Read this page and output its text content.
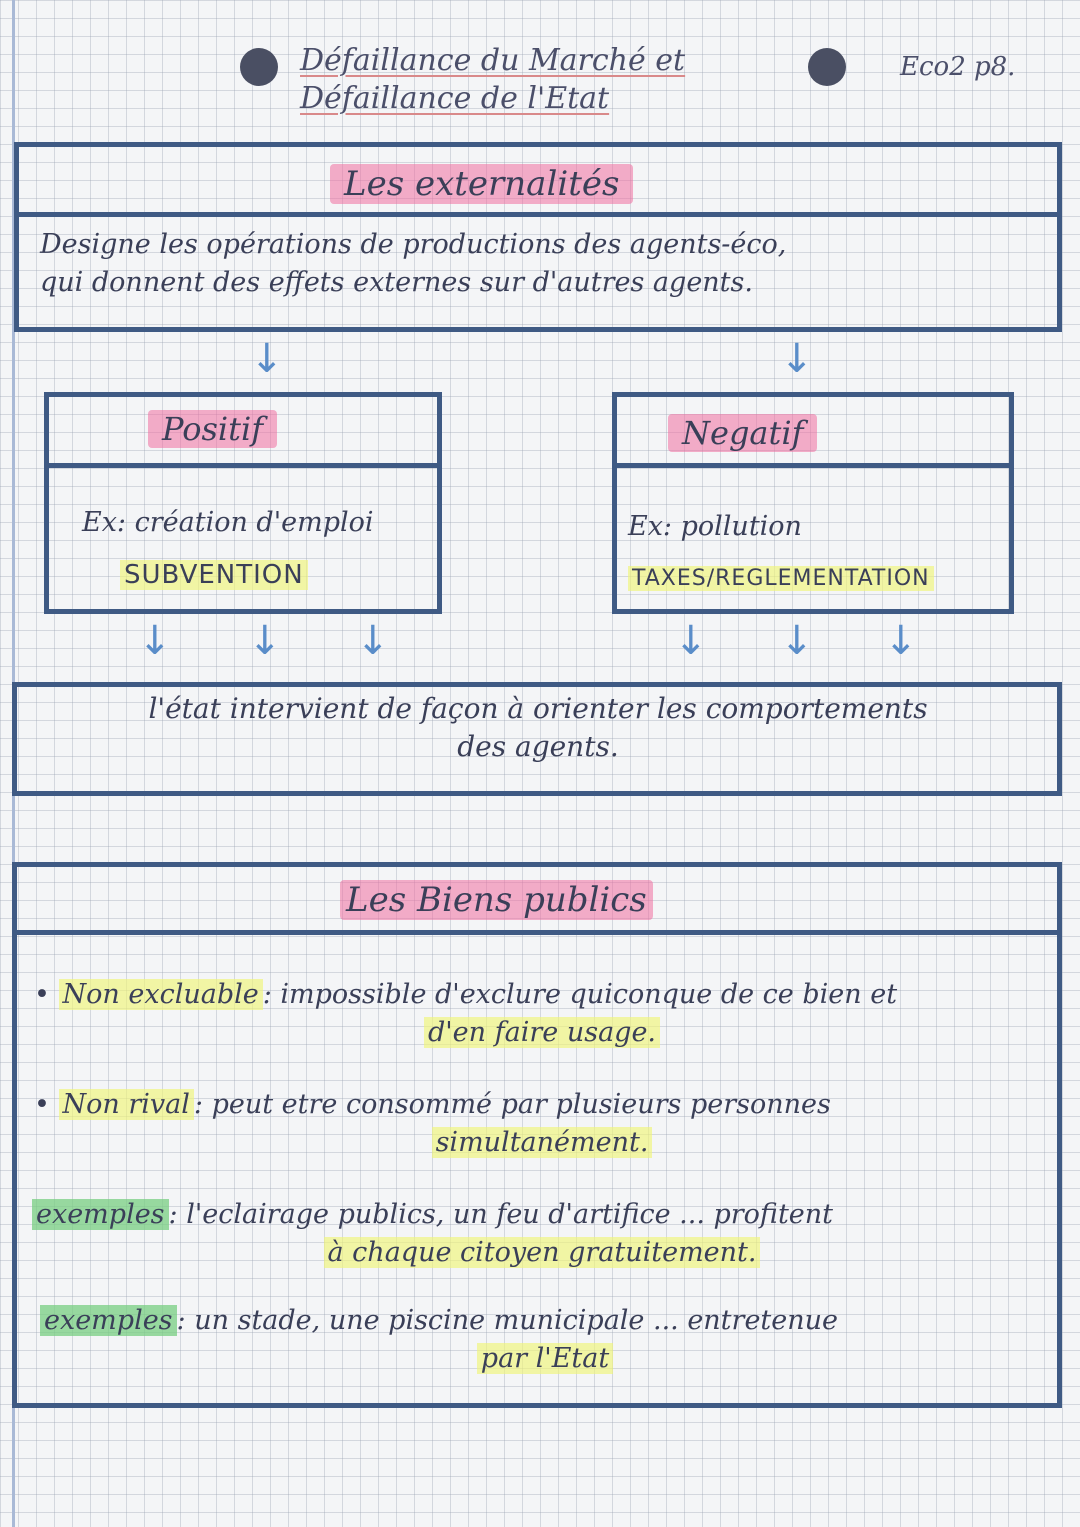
Défaillance du Marché et
Défaillance de l'Etat
Eco2 p8.
Les externalités
Designe les opérations de productions des agents-éco,
qui donnent des effets externes sur d'autres agents.
↓	↓
Positif
Ex: création d'emploi
SUBVENTION
Negatif
Ex: pollution
TAXES/REGLEMENTATION
↓ ↓ ↓	↓ ↓ ↓
l'état intervient de façon à orienter les comportements
des agents.
Les Biens publics
• Non excluable : impossible d'exclure quiconque de ce bien et
d'en faire usage.
• Non rival : peut etre consommé par plusieurs personnes
simultanément.
exemples : l'eclairage publics, un feu d'artifice ... profitent
à chaque citoyen gratuitement.
exemples : un stade, une piscine municipale ... entretenue
par l'Etat
